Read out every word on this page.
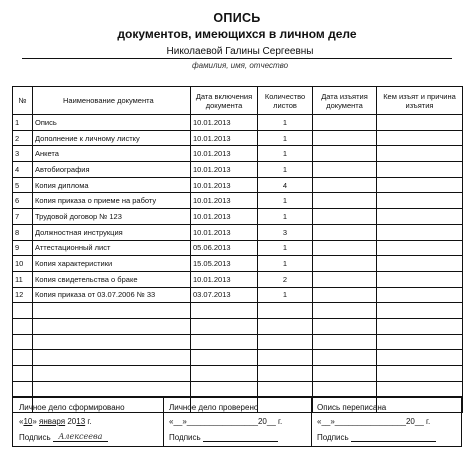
ОПИСЬ
документов, имеющихся в личном деле
Николаевой Галины Сергеевны
фамилия, имя, отчество
№	Наименование документа	Дата включения документа	Количество листов	Дата изъятия документа	Кем изъят и причина изъятия
1	Опись	10.01.2013	1		
2	Дополнение к личному листку	10.01.2013	1		
3	Анкета	10.01.2013	1		
4	Автобиография	10.01.2013	1		
5	Копия диплома	10.01.2013	4		
6	Копия приказа о приеме на работу	10.01.2013	1		
7	Трудовой договор № 123	10.01.2013	1		
8	Должностная инструкция	10.01.2013	3		
9	Аттестационный лист	05.06.2013	1		
10	Копия характеристики	15.05.2013	1		
11	Копия свидетельства о браке	10.01.2013	2		
12	Копия приказа от 03.07.2006 № 33	03.07.2013	1		

Личное дело сформировано
«10» января 2013 г.
Подпись Алексеева
Личное дело проверено
«__»________________20__ г.
Подпись
Опись переписана
«__»________________20__ г.
Подпись
